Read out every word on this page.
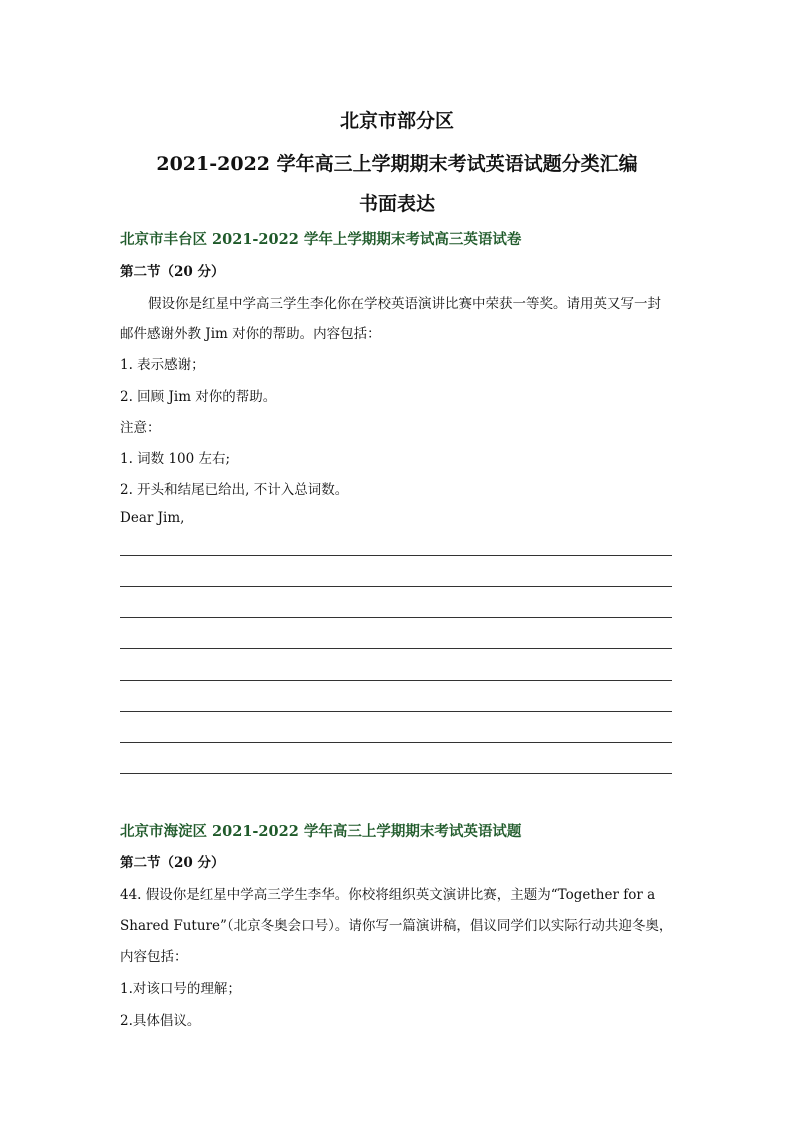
北京市部分区
2021-2022 学年高三上学期期末考试英语试题分类汇编
书面表达
北京市丰台区 2021-2022 学年上学期期末考试高三英语试卷
第二节（20 分）
假设你是红星中学高三学生李化你在学校英语演讲比赛中荣获一等奖。请用英又写一封
邮件感谢外教 Jim 对你的帮助。内容包括：
1. 表示感谢；
2. 回顾 Jim 对你的帮助。
注意：
1. 词数 100 左右;
2. 开头和结尾已给出, 不计入总词数。
Dear Jim,
北京市海淀区 2021-2022 学年高三上学期期末考试英语试题
第二节（20 分）
44. 假设你是红星中学高三学生李华。你校将组织英文演讲比赛，主题为“Together for a
Shared Future”（北京冬奥会口号）。请你写一篇演讲稿，倡议同学们以实际行动共迎冬奥，
内容包括：
1.对该口号的理解；
2.具体倡议。
